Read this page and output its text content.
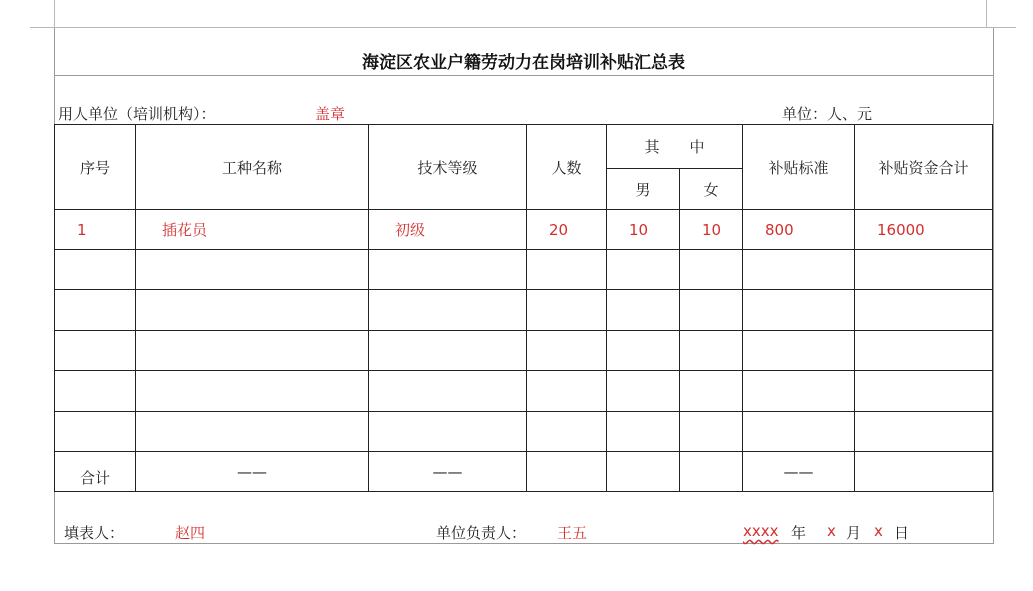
海淀区农业户籍劳动力在岗培训补贴汇总表
用人单位（培训机构）：	盖章	单位：人、元
序号	工种名称	技术等级	人数	其　　中		补贴标准	补贴资金合计
				男	女		
1	插花员	初级	20	10	10	800	16000

合计	——	——				——	
填表人：	赵四	单位负责人： 王五	xxxx 年 x 月 x 日
